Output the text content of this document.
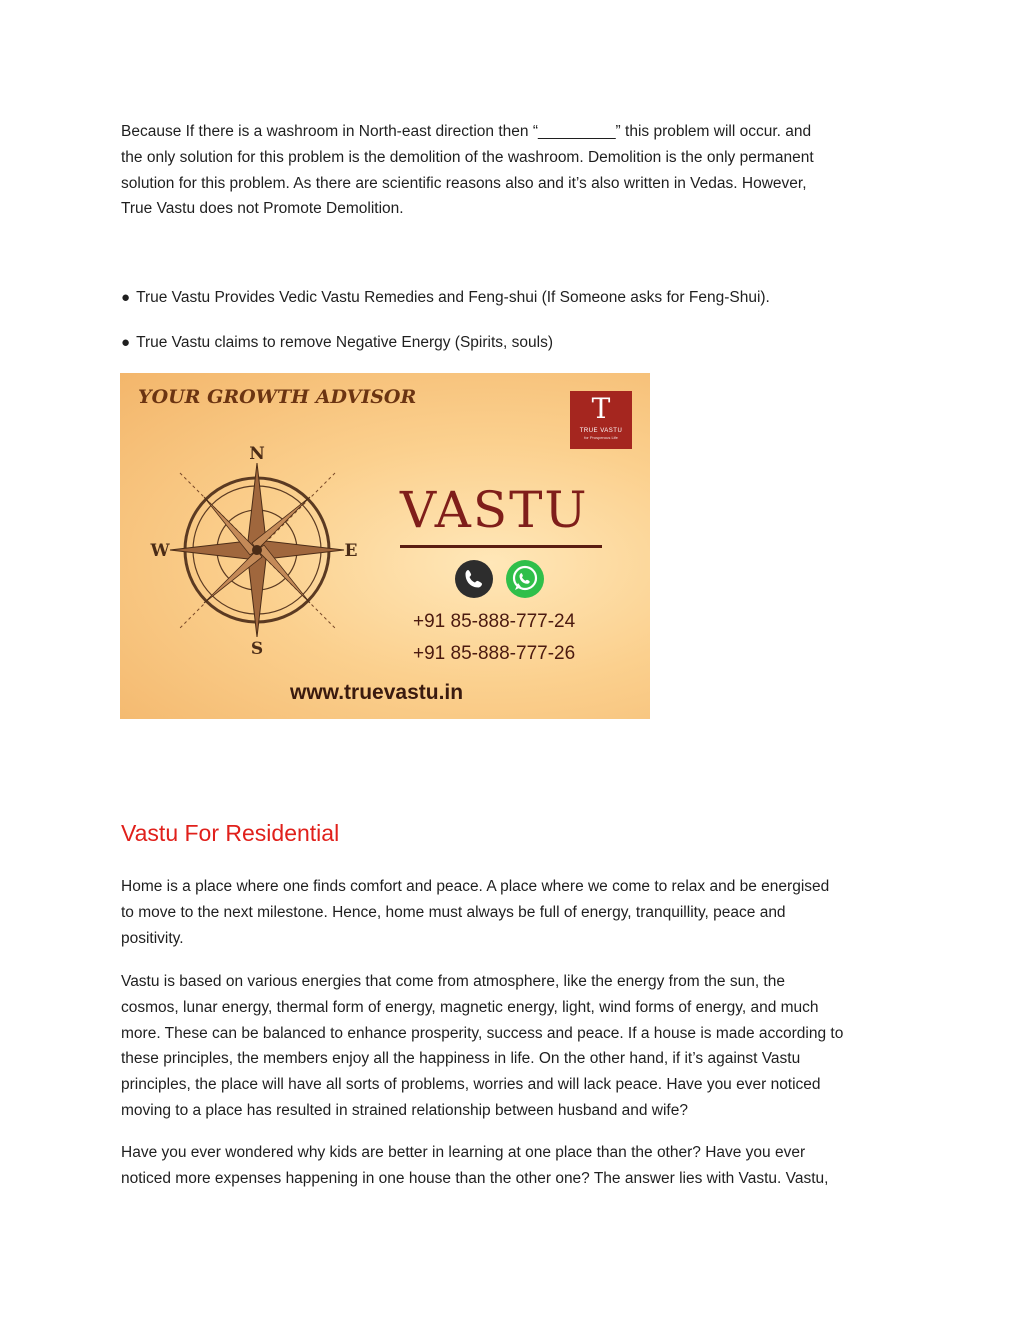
Because If there is a washroom in North-east direction then “_________” this problem will occur. and
the only solution for this problem is the demolition of the washroom. Demolition is the only permanent
solution for this problem. As there are scientific reasons also and it’s also written in Vedas. However,
True Vastu does not Promote Demolition.

● True Vastu Provides Vedic Vastu Remedies and Feng-shui (If Someone asks for Feng-Shui).
● True Vastu claims to remove Negative Energy (Spirits, souls)
YOUR GROWTH ADVISOR	T
TRUE VASTU
for Prosperous Life
N
E
S
W
VASTU
+91 85-888-777-24
+91 85-888-777-26
www.truevastu.in
Vastu For Residential

Home is a place where one finds comfort and peace. A place where we come to relax and be energised
to move to the next milestone. Hence, home must always be full of energy, tranquillity, peace and
positivity.

Vastu is based on various energies that come from atmosphere, like the energy from the sun, the
cosmos, lunar energy, thermal form of energy, magnetic energy, light, wind forms of energy, and much
more. These can be balanced to enhance prosperity, success and peace. If a house is made according to
these principles, the members enjoy all the happiness in life. On the other hand, if it’s against Vastu
principles, the place will have all sorts of problems, worries and will lack peace. Have you ever noticed
moving to a place has resulted in strained relationship between husband and wife?

Have you ever wondered why kids are better in learning at one place than the other? Have you ever
noticed more expenses happening in one house than the other one? The answer lies with Vastu. Vastu,
